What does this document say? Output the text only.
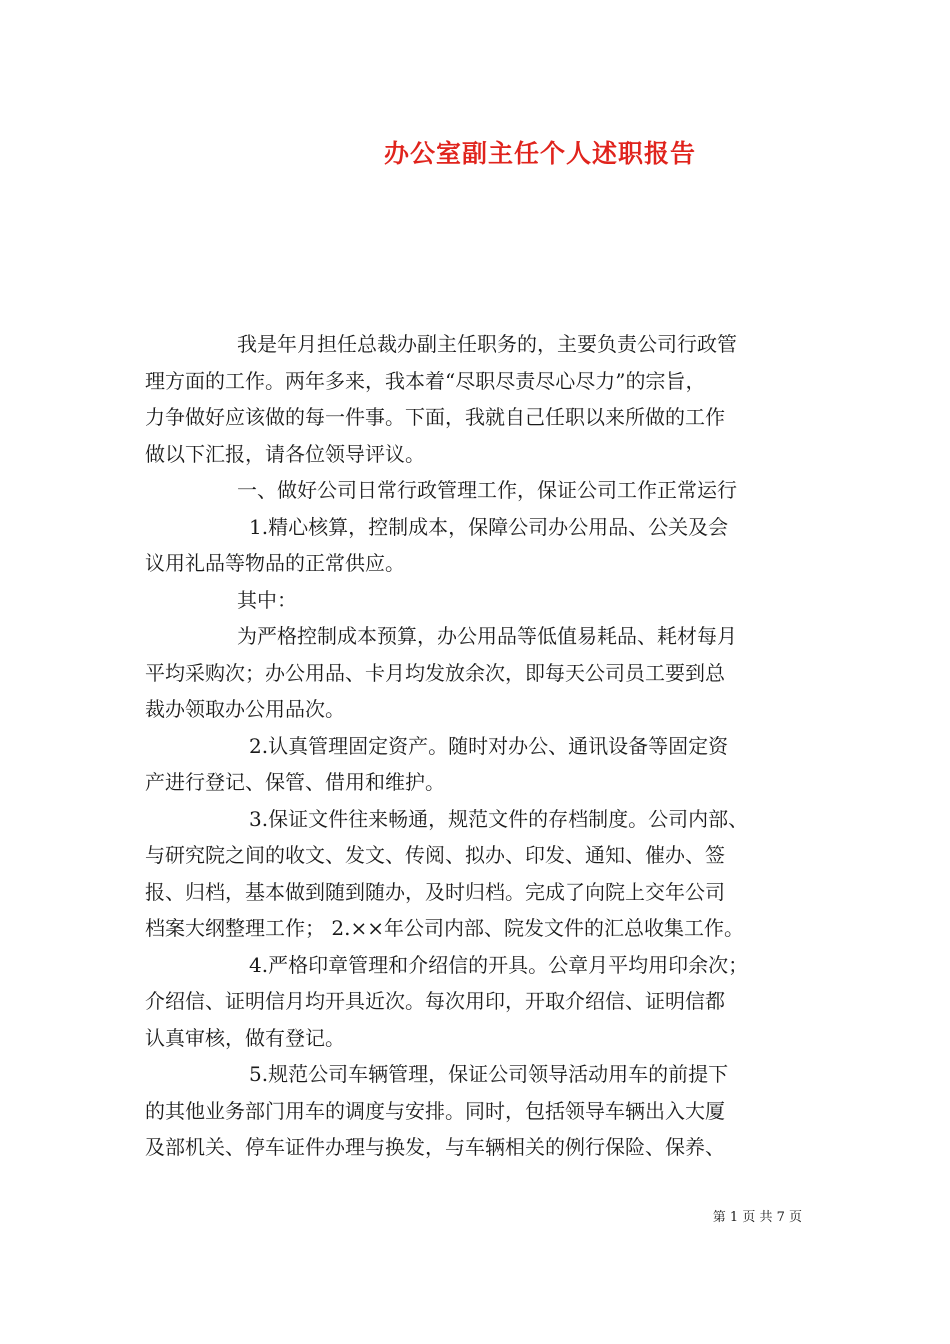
办公室副主任个人述职报告
我是年月担任总裁办副主任职务的，主要负责公司行政管
理方面的工作。两年多来，我本着“尽职尽责尽心尽力”的宗旨，
力争做好应该做的每一件事。下面，我就自己任职以来所做的工作
做以下汇报，请各位领导评议。
一、做好公司日常行政管理工作，保证公司工作正常运行
1.精心核算，控制成本，保障公司办公用品、公关及会
议用礼品等物品的正常供应。
其中：
为严格控制成本预算，办公用品等低值易耗品、耗材每月
平均采购次；办公用品、卡月均发放余次，即每天公司员工要到总
裁办领取办公用品次。
2.认真管理固定资产。随时对办公、通讯设备等固定资
产进行登记、保管、借用和维护。
3.保证文件往来畅通，规范文件的存档制度。公司内部、
与研究院之间的收文、发文、传阅、拟办、印发、通知、催办、签
报、归档，基本做到随到随办，及时归档。完成了向院上交年公司
档案大纲整理工作； 2.××年公司内部、院发文件的汇总收集工作。
4.严格印章管理和介绍信的开具。公章月平均用印余次；
介绍信、证明信月均开具近次。每次用印，开取介绍信、证明信都
认真审核，做有登记。
5.规范公司车辆管理，保证公司领导活动用车的前提下
的其他业务部门用车的调度与安排。同时，包括领导车辆出入大厦
及部机关、停车证件办理与换发，与车辆相关的例行保险、保养、
第 1 页 共 7 页
